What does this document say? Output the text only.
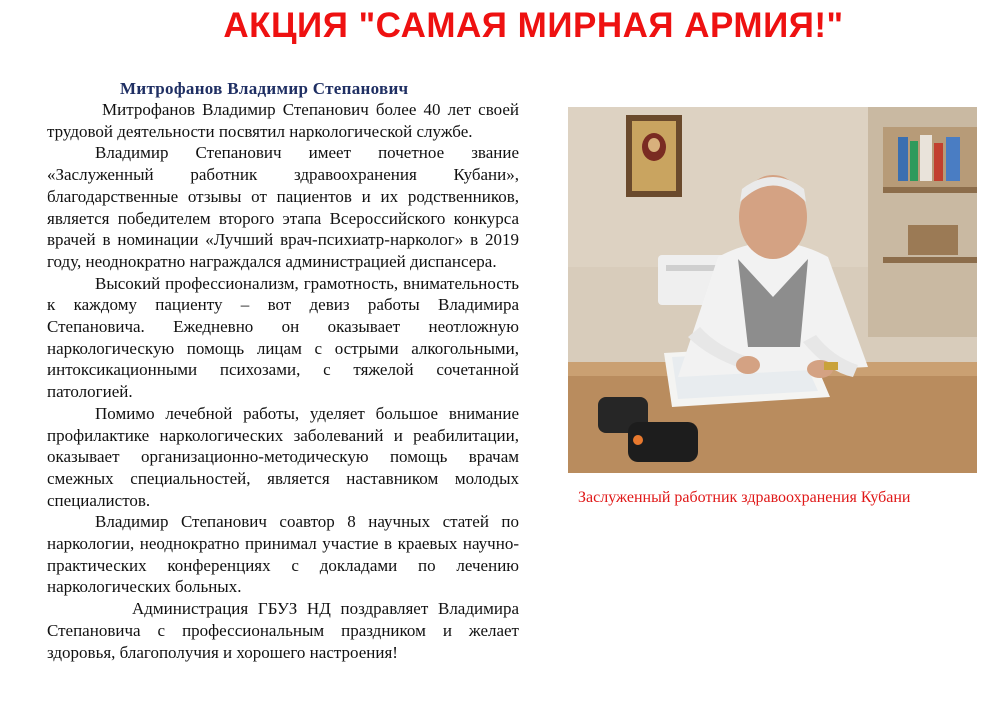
АКЦИЯ "САМАЯ МИРНАЯ АРМИЯ!"
Митрофанов Владимир Степанович

Митрофанов Владимир Степанович более 40 лет своей трудовой деятельности посвятил наркологической службе.

Владимир Степанович имеет почетное звание «Заслуженный работник здравоохранения Кубани», благодарственные отзывы от пациентов и их родственников, является победителем второго этапа Всероссийского конкурса врачей в номинации «Лучший врач-психиатр-нарколог» в 2019 году, неоднократно награждался администрацией диспансера.

Высокий профессионализм, грамотность, внимательность к каждому пациенту – вот девиз работы Владимира Степановича. Ежедневно он оказывает неотложную наркологическую помощь лицам с острыми алкогольными, интоксикационными психозами, с тяжелой сочетанной патологией.

Помимо лечебной работы, уделяет большое внимание профилактике наркологических заболеваний и реабилитации, оказывает организационно-методическую помощь врачам смежных специальностей, является наставником молодых специалистов.

Владимир Степанович соавтор 8 научных статей по наркологии, неоднократно принимал участие в краевых научно-практических конференциях с докладами по лечению наркологических больных.

Администрация ГБУЗ НД поздравляет Владимира Степановича с профессиональным праздником и желает здоровья, благополучия и хорошего настроения!

Заслуженный работник здравоохранения Кубани
